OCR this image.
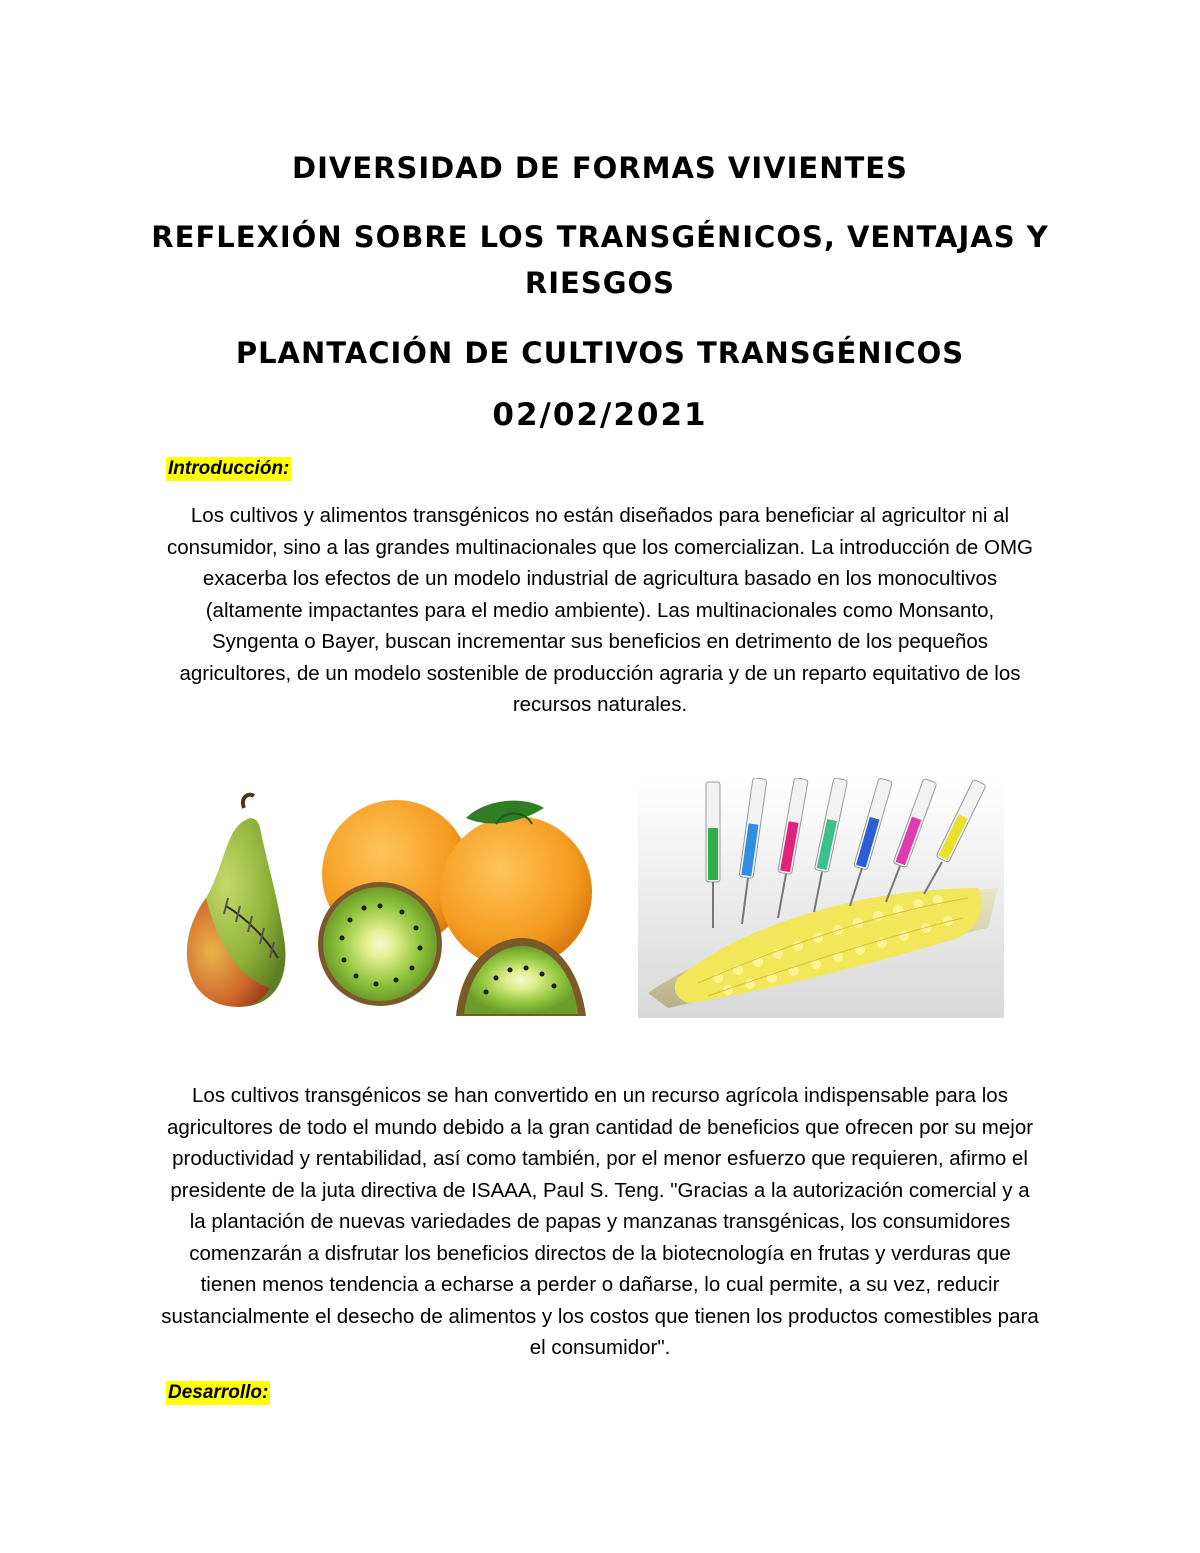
DIVERSIDAD DE FORMAS VIVIENTES
REFLEXIÓN SOBRE LOS TRANSGÉNICOS, VENTAJAS Y RIESGOS
PLANTACIÓN DE CULTIVOS TRANSGÉNICOS
02/02/2021
Introducción:

Los cultivos y alimentos transgénicos no están diseñados para beneficiar al agricultor ni al consumidor, sino a las grandes multinacionales que los comercializan. La introducción de OMG exacerba los efectos de un modelo industrial de agricultura basado en los monocultivos (altamente impactantes para el medio ambiente). Las multinacionales como Monsanto, Syngenta o Bayer, buscan incrementar sus beneficios en detrimento de los pequeños agricultores, de un modelo sostenible de producción agraria y de un reparto equitativo de los recursos naturales.

Los cultivos transgénicos se han convertido en un recurso agrícola indispensable para los agricultores de todo el mundo debido a la gran cantidad de beneficios que ofrecen por su mejor productividad y rentabilidad, así como también, por el menor esfuerzo que requieren, afirmo el presidente de la juta directiva de ISAAA, Paul S. Teng. "Gracias a la autorización comercial y a la plantación de nuevas variedades de papas y manzanas transgénicas, los consumidores comenzarán a disfrutar los beneficios directos de la biotecnología en frutas y verduras que tienen menos tendencia a echarse a perder o dañarse, lo cual permite, a su vez, reducir sustancialmente el desecho de alimentos y los costos que tienen los productos comestibles para el consumidor".

Desarrollo:
